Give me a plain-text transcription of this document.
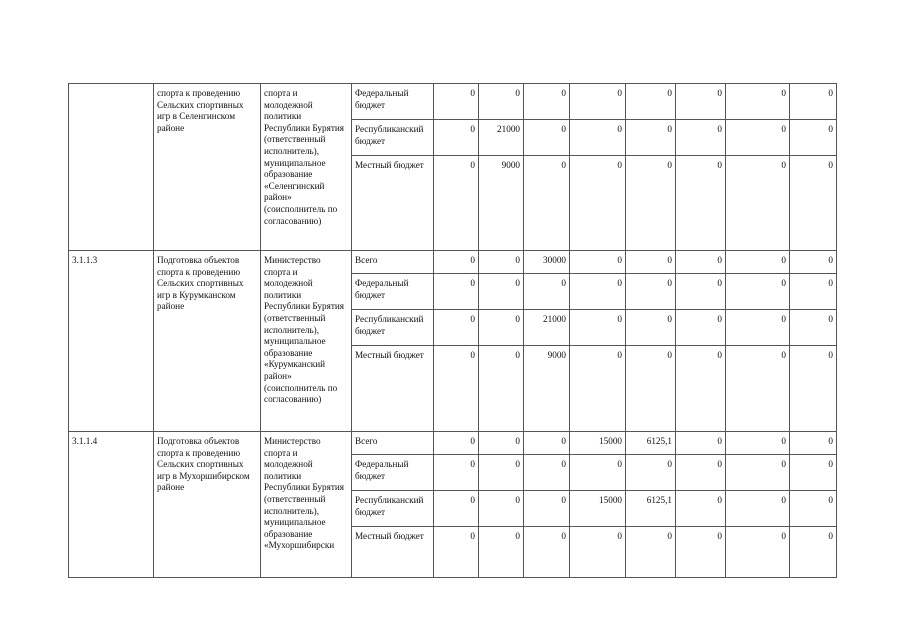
	спорта к проведению Сельских спортивных игр в Селенгинском районе	спорта и молодежной политики Республики Бурятия (ответственный исполнитель), муниципальное образование «Селенгинский район» (соисполнитель по согласованию)	Федеральный бюджет	0	0	0	0	0	0	0	0
			Республиканский бюджет	0	21000	0	0	0	0	0	0
			Местный бюджет	0	9000	0	0	0	0	0	0
3.1.1.3	Подготовка объектов спорта к проведению Сельских спортивных игр в Курумканском районе	Министерство спорта и молодежной политики Республики Бурятия (ответственный исполнитель), муниципальное образование «Курумканский район» (соисполнитель по согласованию)	Всего	0	0	30000	0	0	0	0	0
			Федеральный бюджет	0	0	0	0	0	0	0	0
			Республиканский бюджет	0	0	21000	0	0	0	0	0
			Местный бюджет	0	0	9000	0	0	0	0	0
3.1.1.4	Подготовка объектов спорта к проведению Сельских спортивных игр в Мухоршибирском районе	Министерство спорта и молодежной политики Республики Бурятия (ответственный исполнитель), муниципальное образование «Мухоршибирски	Всего	0	0	0	15000	6125,1	0	0	0
			Федеральный бюджет	0	0	0	0	0	0	0	0
			Республиканский бюджет	0	0	0	15000	6125,1	0	0	0
			Местный бюджет	0	0	0	0	0	0	0	0
